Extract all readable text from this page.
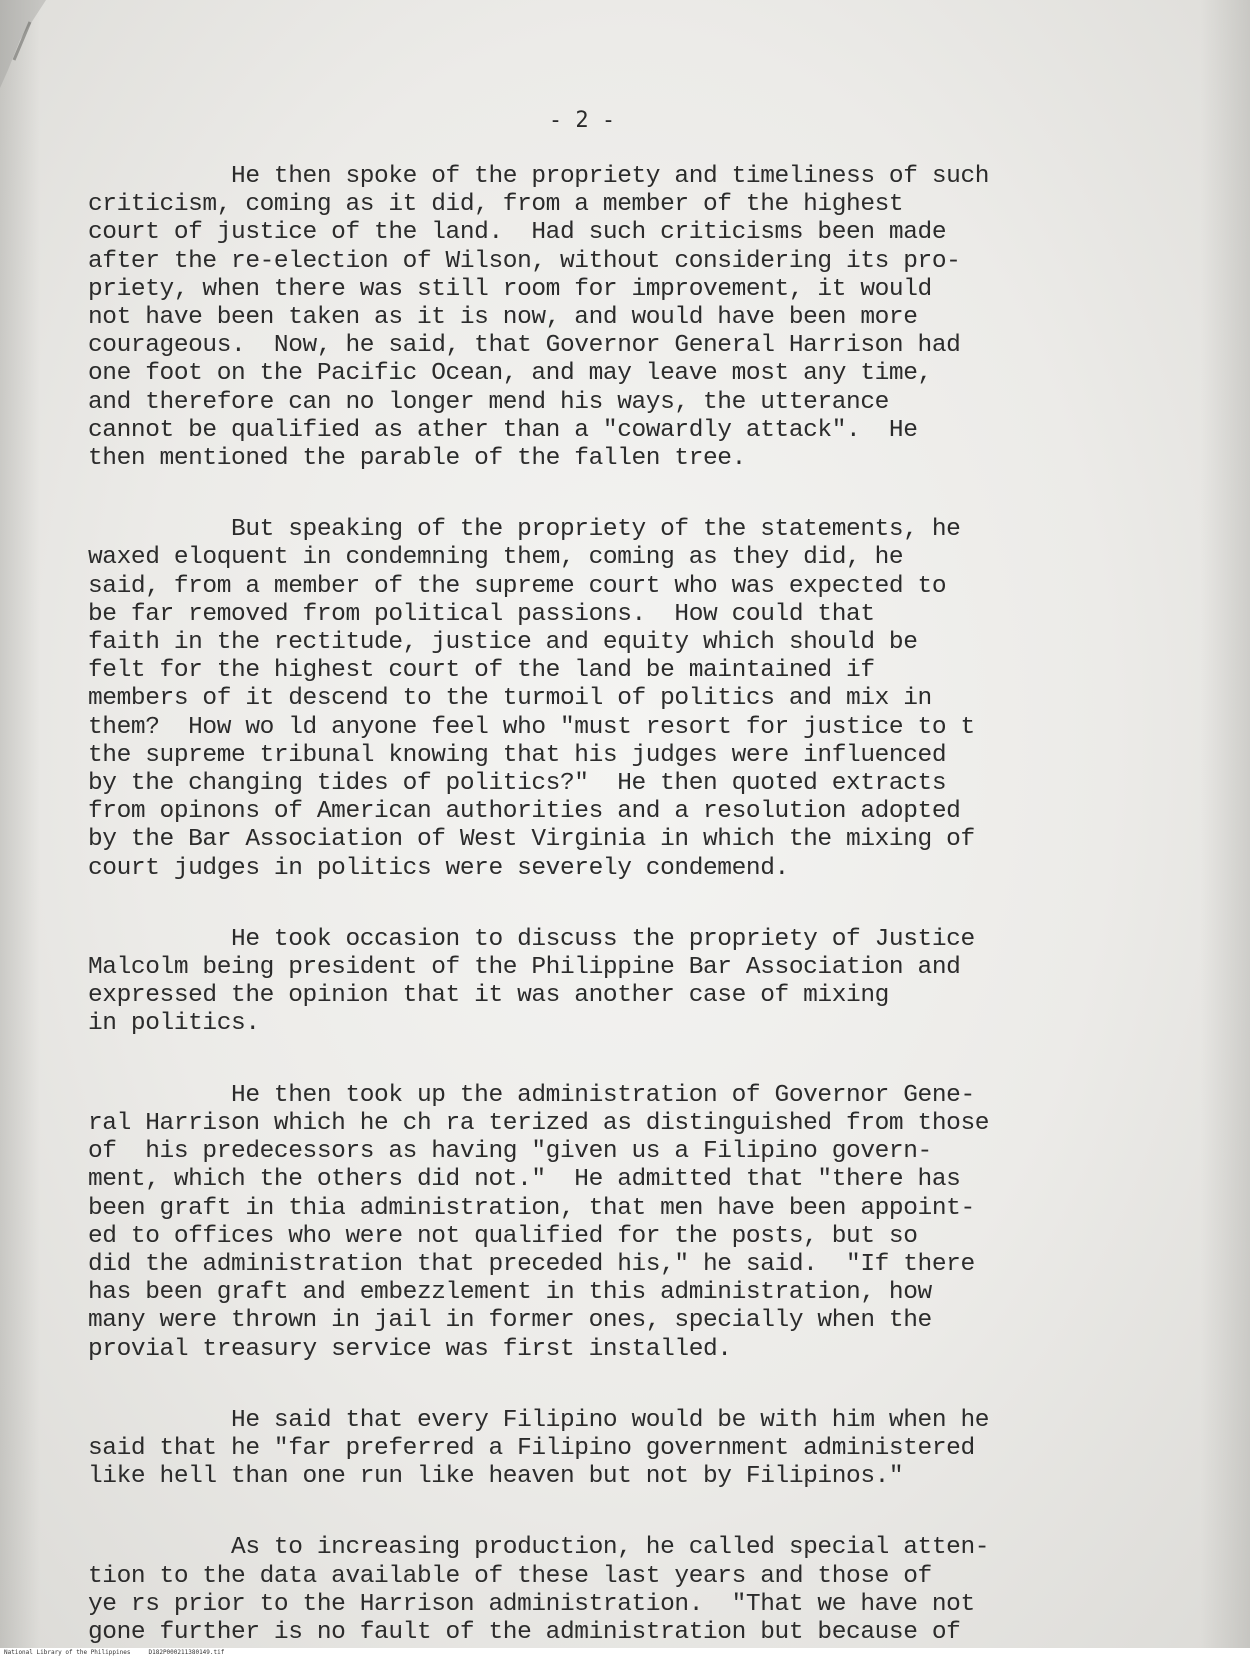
- 2 -
He then spoke of the propriety and timeliness of such
criticism, coming as it did, from a member of the highest
court of justice of the land.  Had such criticisms been made
after the re-election of Wilson, without considering its pro-
priety, when there was still room for improvement, it would
not have been taken as it is now, and would have been more
courageous.  Now, he said, that Governor General Harrison had
one foot on the Pacific Ocean, and may leave most any time,
and therefore can no longer mend his ways, the utterance
cannot be qualified as ather than a "cowardly attack".  He
then mentioned the parable of the fallen tree.
But speaking of the propriety of the statements, he
waxed eloquent in condemning them, coming as they did, he
said, from a member of the supreme court who was expected to
be far removed from political passions.  How could that
faith in the rectitude, justice and equity which should be
felt for the highest court of the land be maintained if
members of it descend to the turmoil of politics and mix in
them?  How wo ld anyone feel who "must resort for justice to t
the supreme tribunal knowing that his judges were influenced
by the changing tides of politics?"  He then quoted extracts
from opinons of American authorities and a resolution adopted
by the Bar Association of West Virginia in which the mixing of
court judges in politics were severely condemend.
He took occasion to discuss the propriety of Justice
Malcolm being president of the Philippine Bar Association and
expressed the opinion that it was another case of mixing
in politics.
He then took up the administration of Governor Gene-
ral Harrison which he ch ra terized as distinguished from those
of  his predecessors as having "given us a Filipino govern-
ment, which the others did not."  He admitted that "there has
been graft in thia administration, that men have been appoint-
ed to offices who were not qualified for the posts, but so
did the administration that preceded his," he said.  "If there
has been graft and embezzlement in this administration, how
many were thrown in jail in former ones, specially when the
provial treasury service was first installed.
He said that every Filipino would be with him when he
said that he "far preferred a Filipino government administered
like hell than one run like heaven but not by Filipinos."
As to increasing production, he called special atten-
tion to the data available of these last years and those of
ye rs prior to the Harrison administration.  "That we have not
gone further is no fault of the administration but because of
National Library of the Philippines     D182P000211380149.tif
